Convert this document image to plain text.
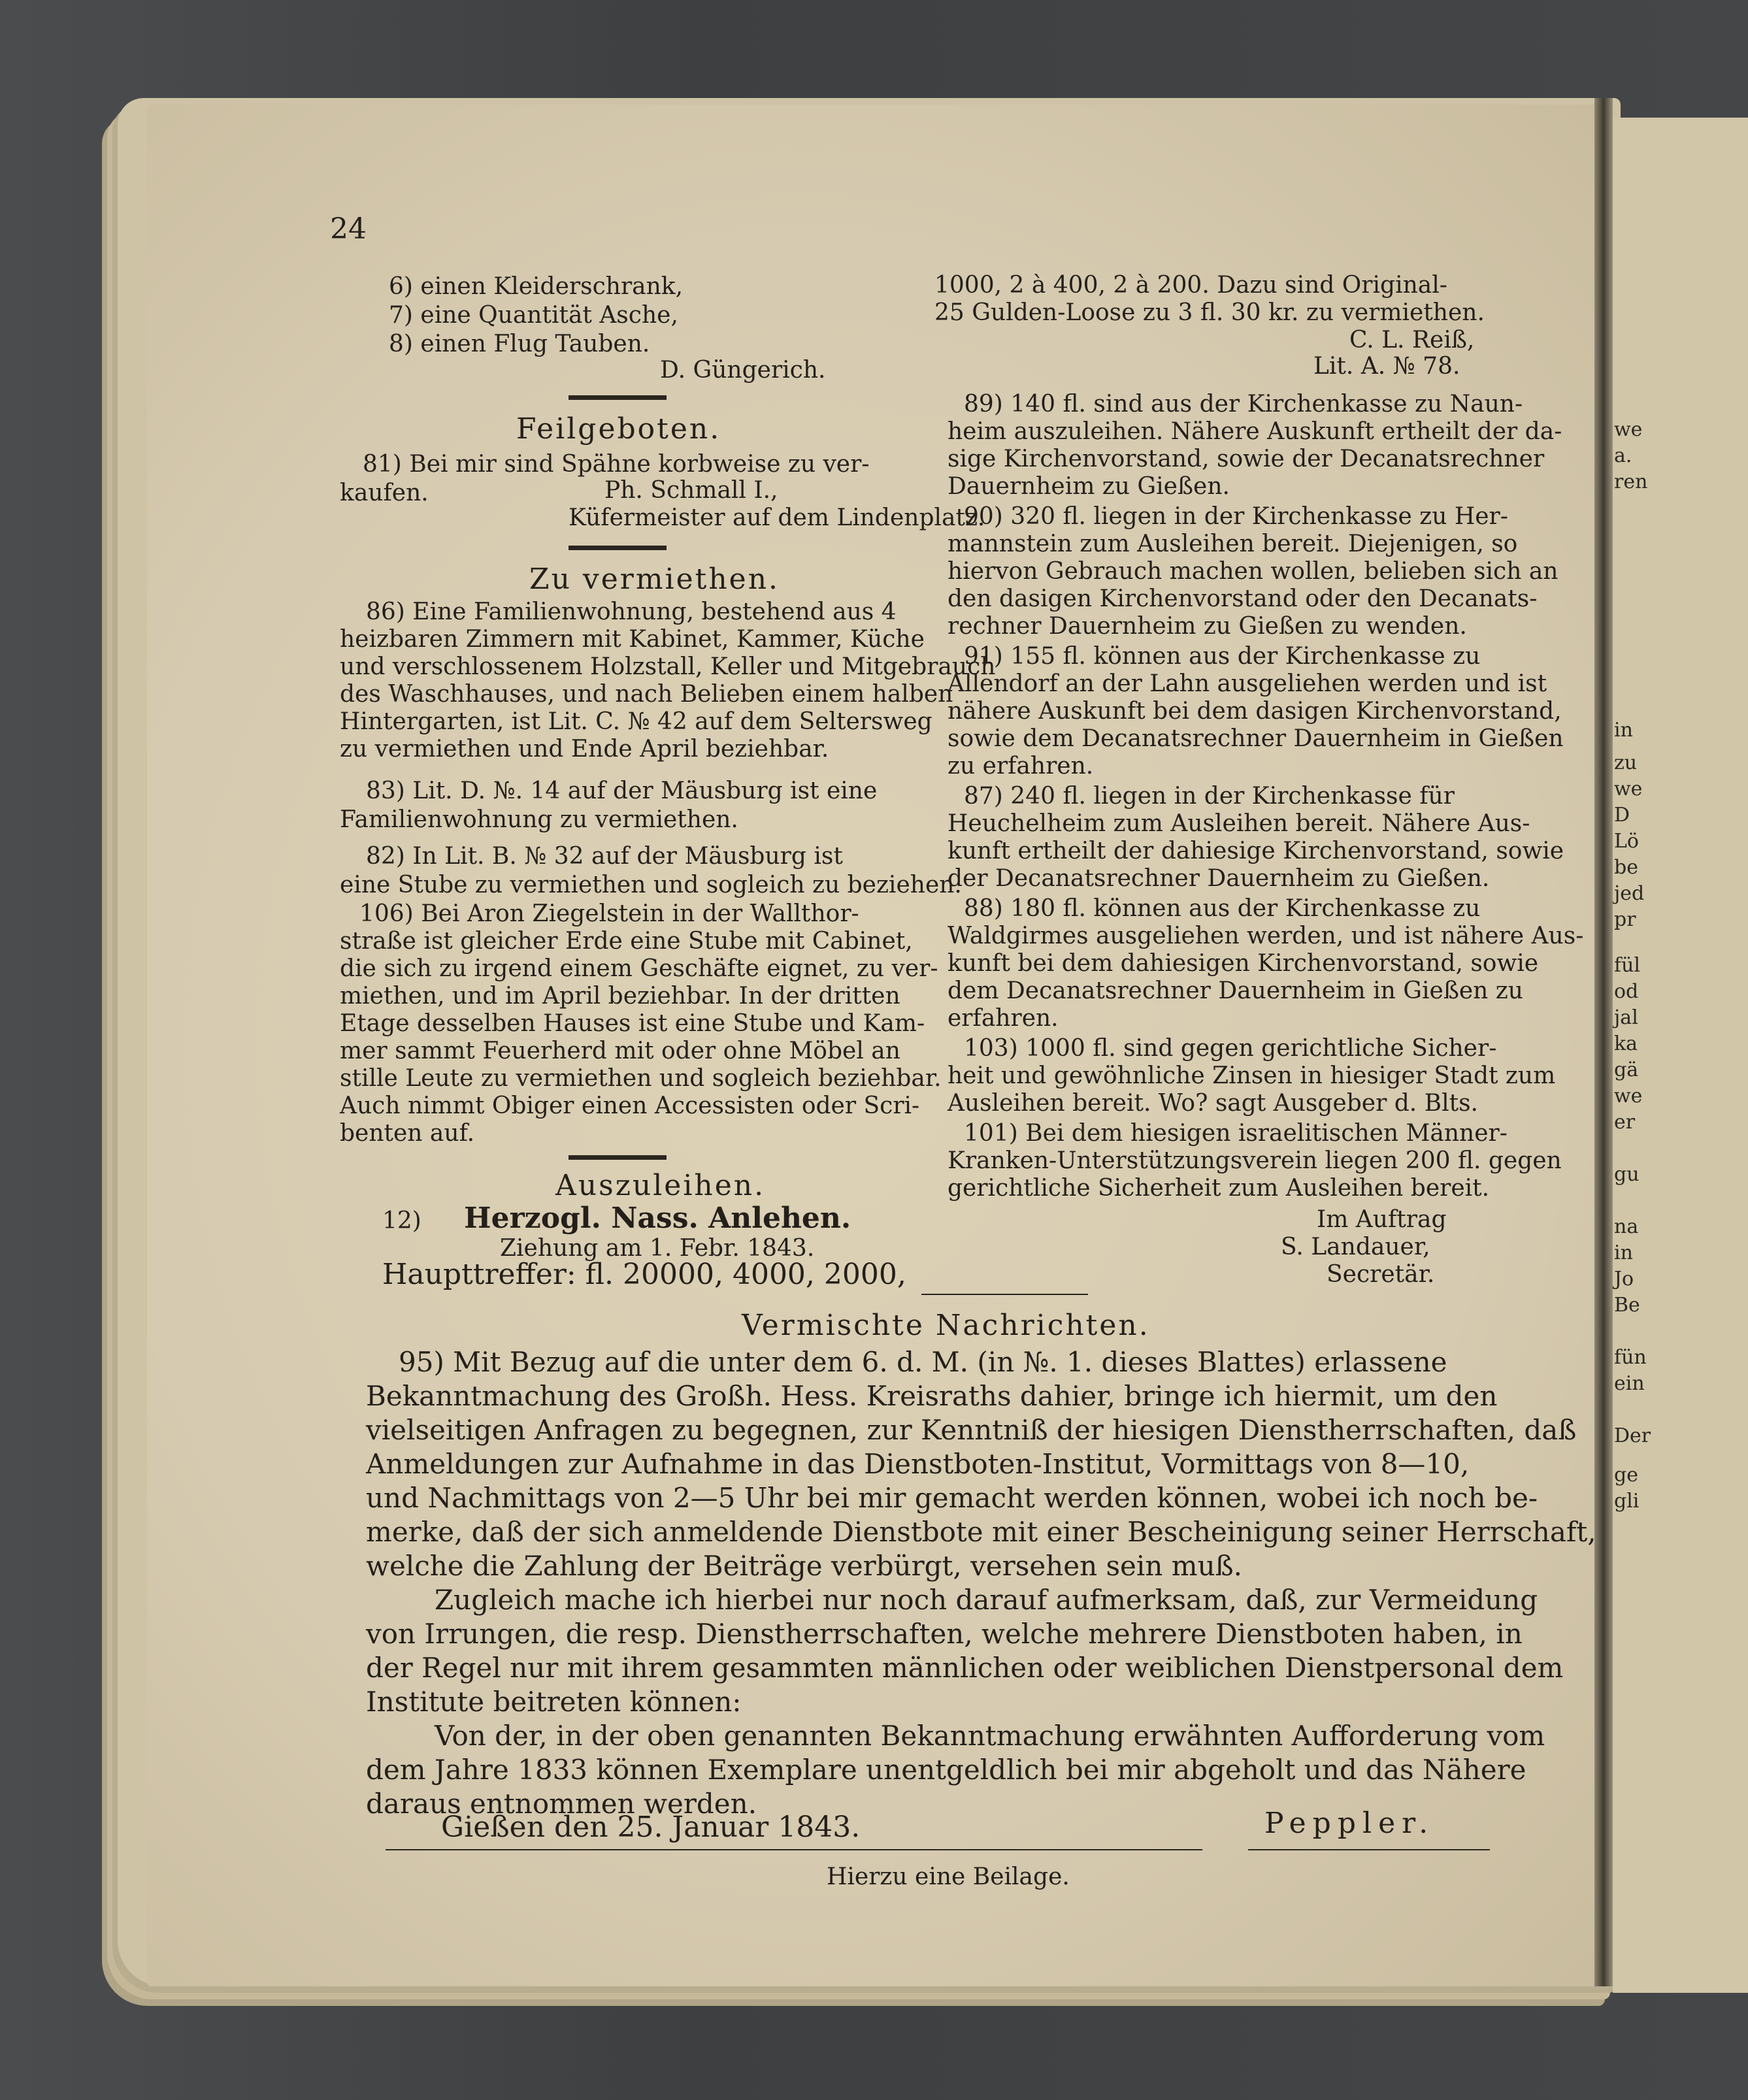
we
a.
ren
in
zu
we
D
Lö
be
jed
pr
fül
od
jal
ka
gä
we
er
gu
na
in
Jo
Be
fün
ein
Der
ge
gli
24
6) einen Kleiderschrank,
7) eine Quantität Asche,
8) einen Flug Tauben.
D. Güngerich.
Feilgeboten.
81) Bei mir sind Spähne korbweise zu ver-
kaufen.	Ph. Schmall I.,
Küfermeister auf dem Lindenplatz.
Zu vermiethen.
86) Eine Familienwohnung, bestehend aus 4
heizbaren Zimmern mit Kabinet, Kammer, Küche
und verschlossenem Holzstall, Keller und Mitgebrauch
des Waschhauses, und nach Belieben einem halben
Hintergarten, ist Lit. C. № 42 auf dem Seltersweg
zu vermiethen und Ende April beziehbar.
83) Lit. D. №. 14 auf der Mäusburg ist eine
Familienwohnung zu vermiethen.
82) In Lit. B. № 32 auf der Mäusburg ist
eine Stube zu vermiethen und sogleich zu beziehen.
106) Bei Aron Ziegelstein in der Wallthor-
straße ist gleicher Erde eine Stube mit Cabinet,
die sich zu irgend einem Geschäfte eignet, zu ver-
miethen, und im April beziehbar. In der dritten
Etage desselben Hauses ist eine Stube und Kam-
mer sammt Feuerherd mit oder ohne Möbel an
stille Leute zu vermiethen und sogleich beziehbar.
Auch nimmt Obiger einen Accessisten oder Scri-
benten auf.
Auszuleihen.
12) Herzogl. Nass. Anlehen.
Ziehung am 1. Febr. 1843.
Haupttreffer: fl. 20000, 4000, 2000,
1000, 2 à 400, 2 à 200. Dazu sind Original-
25 Gulden-Loose zu 3 fl. 30 kr. zu vermiethen.
C. L. Reiß,
Lit. A. № 78.
89) 140 fl. sind aus der Kirchenkasse zu Naun-
heim auszuleihen. Nähere Auskunft ertheilt der da-
sige Kirchenvorstand, sowie der Decanatsrechner
Dauernheim zu Gießen.
90) 320 fl. liegen in der Kirchenkasse zu Her-
mannstein zum Ausleihen bereit. Diejenigen, so
hiervon Gebrauch machen wollen, belieben sich an
den dasigen Kirchenvorstand oder den Decanats-
rechner Dauernheim zu Gießen zu wenden.
91) 155 fl. können aus der Kirchenkasse zu
Allendorf an der Lahn ausgeliehen werden und ist
nähere Auskunft bei dem dasigen Kirchenvorstand,
sowie dem Decanatsrechner Dauernheim in Gießen
zu erfahren.
87) 240 fl. liegen in der Kirchenkasse für
Heuchelheim zum Ausleihen bereit. Nähere Aus-
kunft ertheilt der dahiesige Kirchenvorstand, sowie
der Decanatsrechner Dauernheim zu Gießen.
88) 180 fl. können aus der Kirchenkasse zu
Waldgirmes ausgeliehen werden, und ist nähere Aus-
kunft bei dem dahiesigen Kirchenvorstand, sowie
dem Decanatsrechner Dauernheim in Gießen zu
erfahren.
103) 1000 fl. sind gegen gerichtliche Sicher-
heit und gewöhnliche Zinsen in hiesiger Stadt zum
Ausleihen bereit. Wo? sagt Ausgeber d. Blts.
101) Bei dem hiesigen israelitischen Männer-
Kranken-Unterstützungsverein liegen 200 fl. gegen
gerichtliche Sicherheit zum Ausleihen bereit.
Im Auftrag
S. Landauer,
Secretär.
Vermischte Nachrichten.
95) Mit Bezug auf die unter dem 6. d. M. (in №. 1. dieses Blattes) erlassene
Bekanntmachung des Großh. Hess. Kreisraths dahier, bringe ich hiermit, um den
vielseitigen Anfragen zu begegnen, zur Kenntniß der hiesigen Dienstherrschaften, daß
Anmeldungen zur Aufnahme in das Dienstboten-Institut, Vormittags von 8—10,
und Nachmittags von 2—5 Uhr bei mir gemacht werden können, wobei ich noch be-
merke, daß der sich anmeldende Dienstbote mit einer Bescheinigung seiner Herrschaft,
welche die Zahlung der Beiträge verbürgt, versehen sein muß.
Zugleich mache ich hierbei nur noch darauf aufmerksam, daß, zur Vermeidung
von Irrungen, die resp. Dienstherrschaften, welche mehrere Dienstboten haben, in
der Regel nur mit ihrem gesammten männlichen oder weiblichen Dienstpersonal dem
Institute beitreten können:
Von der, in der oben genannten Bekanntmachung erwähnten Aufforderung vom
dem Jahre 1833 können Exemplare unentgeldlich bei mir abgeholt und das Nähere
daraus entnommen werden.
Gießen den 25. Januar 1843.	Peppler.
Hierzu eine Beilage.
